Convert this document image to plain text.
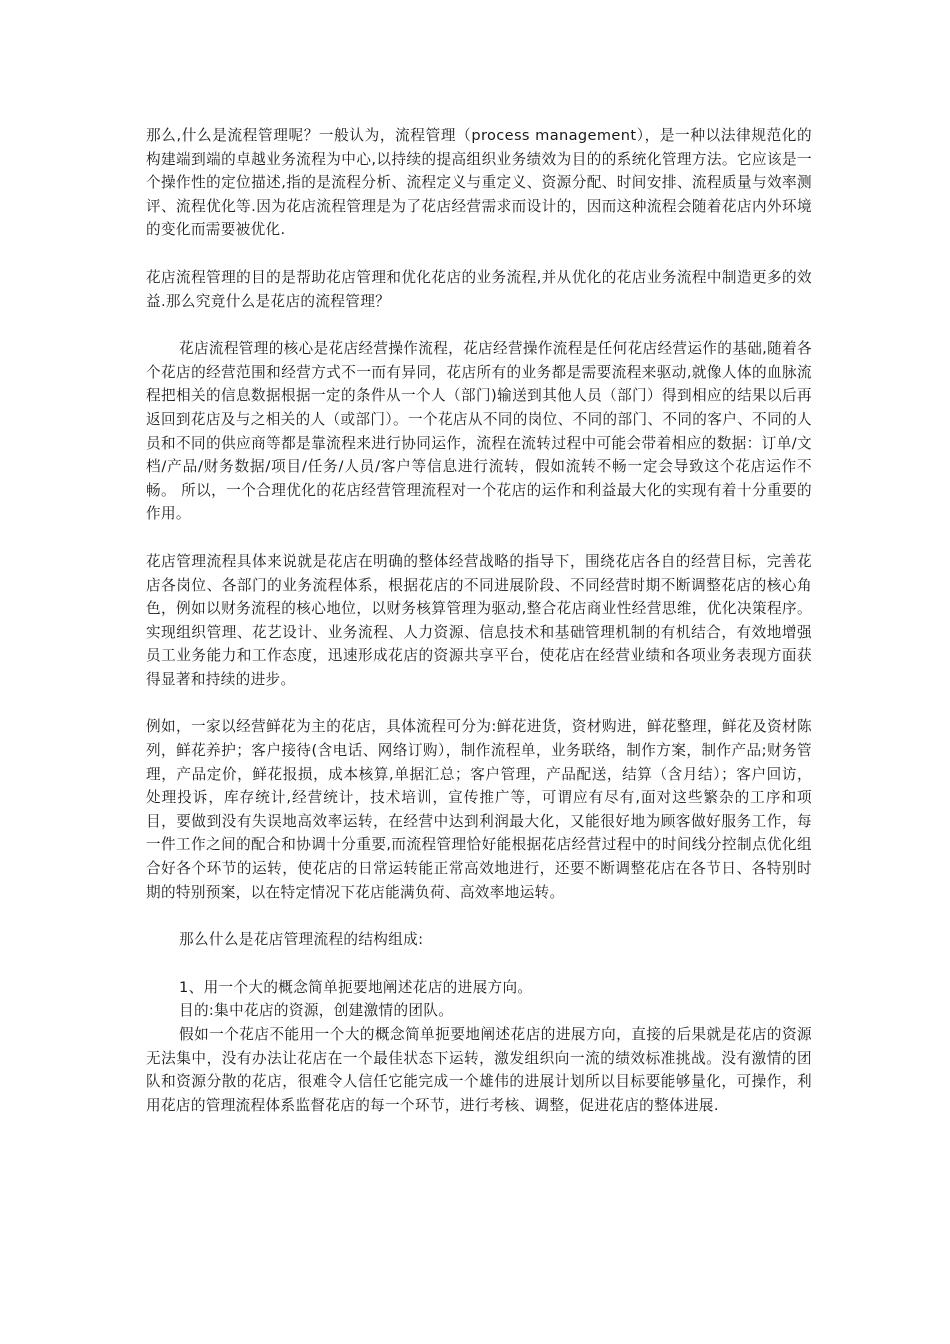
那么,什么是流程管理呢？一般认为，流程管理（process management），是一种以法律规范化的构建端到端的卓越业务流程为中心,以持续的提高组织业务绩效为目的的系统化管理方法。它应该是一个操作性的定位描述,指的是流程分析、流程定义与重定义、资源分配、时间安排、流程质量与效率测评、流程优化等.因为花店流程管理是为了花店经营需求而设计的，因而这种流程会随着花店内外环境的变化而需要被优化.

花店流程管理的目的是帮助花店管理和优化花店的业务流程,并从优化的花店业务流程中制造更多的效益.那么究竟什么是花店的流程管理？

花店流程管理的核心是花店经营操作流程，花店经营操作流程是任何花店经营运作的基础,随着各个花店的经营范围和经营方式不一而有异同，花店所有的业务都是需要流程来驱动,就像人体的血脉流程把相关的信息数据根据一定的条件从一个人（部门)输送到其他人员（部门）得到相应的结果以后再返回到花店及与之相关的人（或部门）。一个花店从不同的岗位、不同的部门、不同的客户、不同的人员和不同的供应商等都是靠流程来进行协同运作，流程在流转过程中可能会带着相应的数据：订单/文档/产品/财务数据/项目/任务/人员/客户等信息进行流转，假如流转不畅一定会导致这个花店运作不畅。 所以，一个合理优化的花店经营管理流程对一个花店的运作和利益最大化的实现有着十分重要的作用。

花店管理流程具体来说就是花店在明确的整体经营战略的指导下，围绕花店各自的经营目标，完善花店各岗位、各部门的业务流程体系，根据花店的不同进展阶段、不同经营时期不断调整花店的核心角色，例如以财务流程的核心地位，以财务核算管理为驱动,整合花店商业性经营思维，优化决策程序。实现组织管理、花艺设计、业务流程、人力资源、信息技术和基础管理机制的有机结合，有效地增强员工业务能力和工作态度，迅速形成花店的资源共享平台，使花店在经营业绩和各项业务表现方面获得显著和持续的进步。

例如，一家以经营鲜花为主的花店，具体流程可分为:鲜花进货，资材购进，鲜花整理，鲜花及资材陈列，鲜花养护；客户接待(含电话、网络订购），制作流程单，业务联络，制作方案，制作产品;财务管理，产品定价，鲜花报损，成本核算,单据汇总；客户管理，产品配送，结算（含月结）；客户回访，处理投诉，库存统计,经营统计，技术培训，宣传推广等，可谓应有尽有,面对这些繁杂的工序和项目，要做到没有失误地高效率运转，在经营中达到利润最大化，又能很好地为顾客做好服务工作，每一件工作之间的配合和协调十分重要,而流程管理恰好能根据花店经营过程中的时间线分控制点优化组合好各个环节的运转，使花店的日常运转能正常高效地进行，还要不断调整花店在各节日、各特别时期的特别预案，以在特定情况下花店能满负荷、高效率地运转。

那么什么是花店管理流程的结构组成:

1、用一个大的概念简单扼要地阐述花店的进展方向。

目的:集中花店的资源，创建激情的团队。

假如一个花店不能用一个大的概念简单扼要地阐述花店的进展方向，直接的后果就是花店的资源无法集中，没有办法让花店在一个最佳状态下运转，激发组织向一流的绩效标准挑战。没有激情的团队和资源分散的花店，很难令人信任它能完成一个雄伟的进展计划所以目标要能够量化，可操作，利用花店的管理流程体系监督花店的每一个环节，进行考核、调整，促进花店的整体进展.
